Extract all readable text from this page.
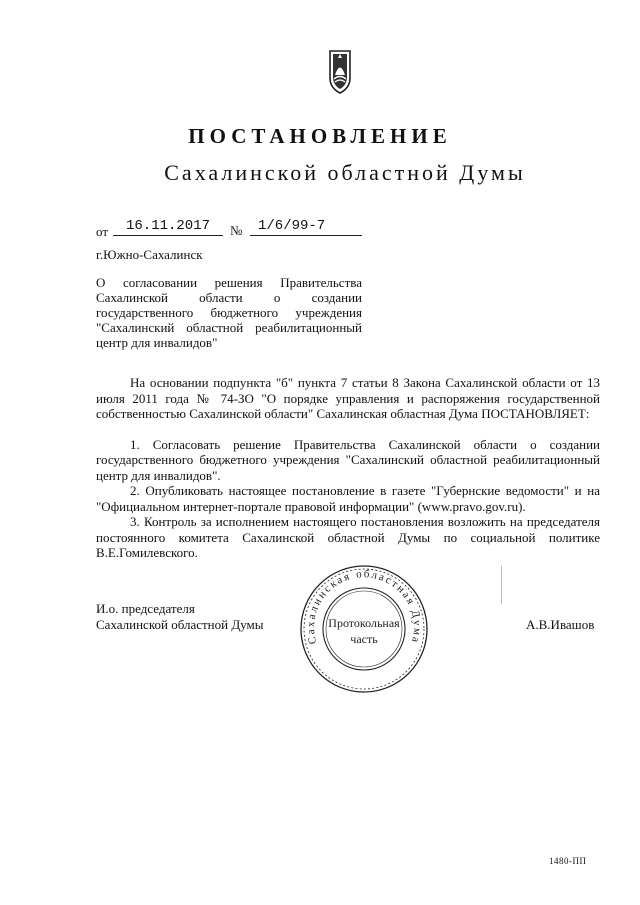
ПОСТАНОВЛЕНИЕ
Сахалинской областной Думы
от	16.11.2017	№	1/6/99-7
г.Южно-Сахалинск
О согласовании решения Правительства
Сахалинской области о создании
государственного бюджетного учреждения
"Сахалинский областной реабилитационный
центр для инвалидов"

На основании подпункта "б" пункта 7 статьи 8 Закона Сахалинской области от 13 июля 2011 года № 74-ЗО "О порядке управления и распоряжения государственной собственностью Сахалинской области" Сахалинская областная Дума ПОСТАНОВЛЯЕТ:

1. Согласовать решение Правительства Сахалинской области о создании государственного бюджетного учреждения "Сахалинский областной реабилитационный центр для инвалидов".

2. Опубликовать настоящее постановление в газете "Губернские ведомости" и на "Официальном интернет-портале правовой информации" (www.pravo.gov.ru).

3. Контроль за исполнением настоящего постановления возложить на председателя постоянного комитета Сахалинской областной Думы по социальной политике В.Е.Гомилевского.

И.о. председателя
Сахалинской областной Думы	А.В.Ивашов
Сахалинская областная Дума
Протокольная
часть
1480-ПП
